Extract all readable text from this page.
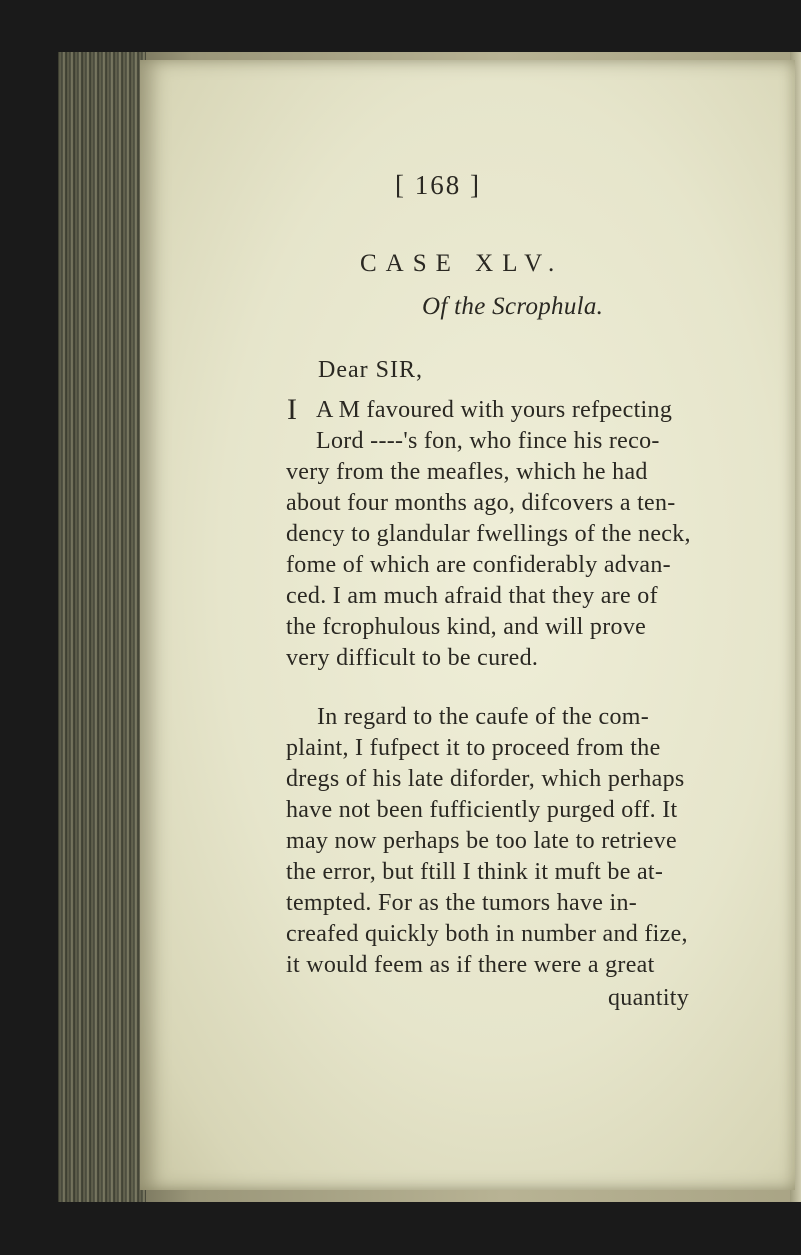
[ 168 ]
CASE XLV.
Of the Scrophula.
Dear SIR,
I A M favoured with yours refpecting
Lord ----'s fon, who fince his reco-
very from the meafles, which he had
about four months ago, difcovers a ten-
dency to glandular fwellings of the neck,
fome of which are confiderably advan-
ced. I am much afraid that they are of
the fcrophulous kind, and will prove
very difficult to be cured.
In regard to the caufe of the com-
plaint, I fufpect it to proceed from the
dregs of his late diforder, which perhaps
have not been fufficiently purged off. It
may now perhaps be too late to retrieve
the error, but ftill I think it muft be at-
tempted. For as the tumors have in-
creafed quickly both in number and fize,
it would feem as if there were a great
quantity
